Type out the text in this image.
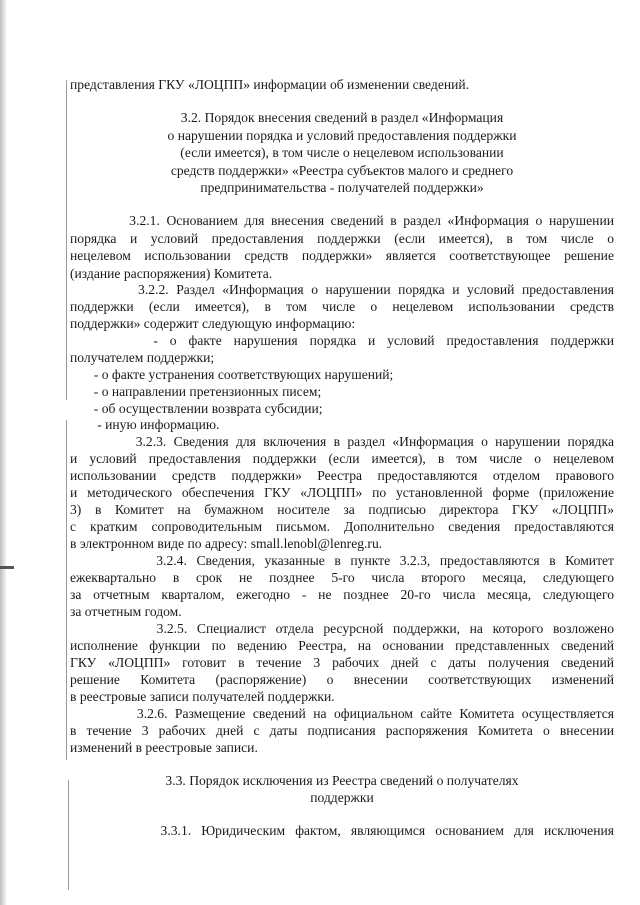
представления ГКУ «ЛОЦПП» информации об изменении сведений.

3.2. Порядок внесения сведений в раздел «Информация

о нарушении порядка и условий предоставления поддержки

(если имеется), в том числе о нецелевом использовании

средств поддержки» «Реестра субъектов малого и среднего

предпринимательства - получателей поддержки»

3.2.1. Основанием для внесения сведений в раздел «Информация о нарушении

порядка и условий предоставления поддержки (если имеется), в том числе о

нецелевом использовании средств поддержки» является соответствующее решение

(издание распоряжения) Комитета.

3.2.2. Раздел «Информация о нарушении порядка и условий предоставления

поддержки (если имеется), в том числе о нецелевом использовании средств

поддержки» содержит следующую информацию:

- о факте нарушения порядка и условий предоставления поддержки

получателем поддержки;

- о факте устранения соответствующих нарушений;

- о направлении претензионных писем;

- об осуществлении возврата субсидии;

- иную информацию.

3.2.3. Сведения для включения в раздел «Информация о нарушении порядка

и условий предоставления поддержки (если имеется), в том числе о нецелевом

использовании средств поддержки» Реестра предоставляются отделом правового

и методического обеспечения ГКУ «ЛОЦПП» по установленной форме (приложение

3) в Комитет на бумажном носителе за подписью директора ГКУ «ЛОЦПП»

с кратким сопроводительным письмом. Дополнительно сведения предоставляются

в электронном виде по адресу: small.lenobl@lenreg.ru.

3.2.4. Сведения, указанные в пункте 3.2.3, предоставляются в Комитет

ежеквартально в срок не позднее 5-го числа второго месяца, следующего

за отчетным кварталом, ежегодно - не позднее 20-го числа месяца, следующего

за отчетным годом.

3.2.5. Специалист отдела ресурсной поддержки, на которого возложено

исполнение функции по ведению Реестра, на основании представленных сведений

ГКУ «ЛОЦПП» готовит в течение 3 рабочих дней с даты получения сведений

решение Комитета (распоряжение) о внесении соответствующих изменений

в реестровые записи получателей поддержки.

3.2.6. Размещение сведений на официальном сайте Комитета осуществляется

в течение 3 рабочих дней с даты подписания распоряжения Комитета о внесении

изменений в реестровые записи.

3.3. Порядок исключения из Реестра сведений о получателях

поддержки

3.3.1. Юридическим фактом, являющимся основанием для исключения
